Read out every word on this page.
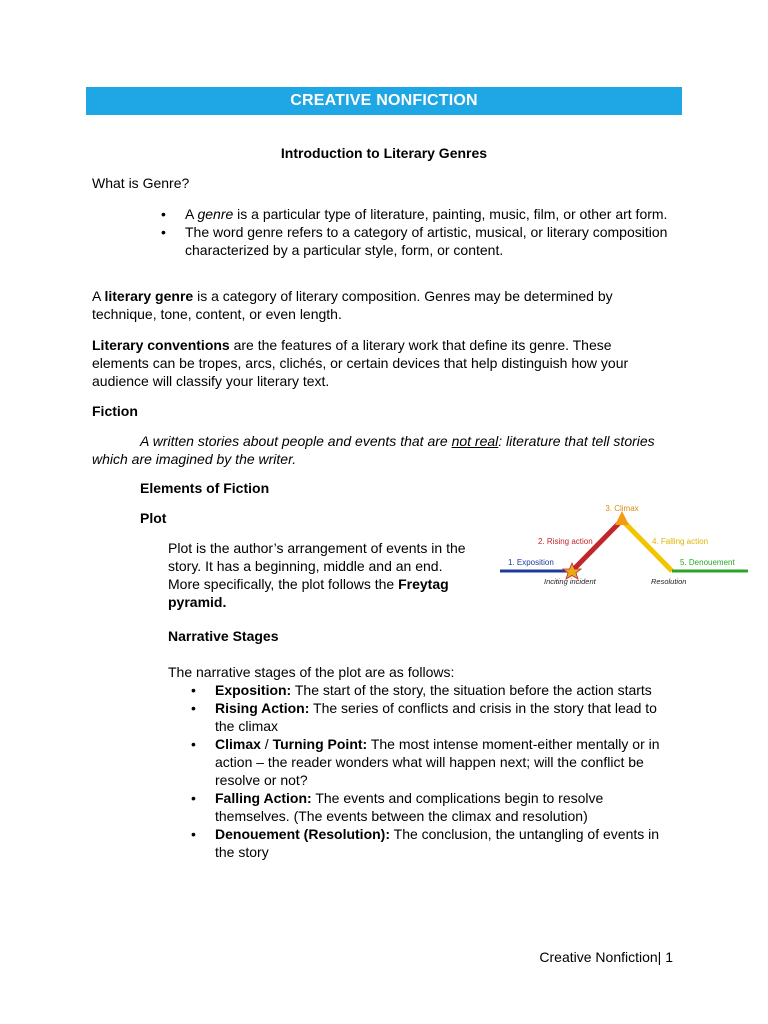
CREATIVE NONFICTION
Introduction to Literary Genres
What is Genre?
• A genre is a particular type of literature, painting, music, film, or other art form.
• The word genre refers to a category of artistic, musical, or literary composition characterized by a particular style, form, or content.
A literary genre is a category of literary composition. Genres may be determined by technique, tone, content, or even length.
Literary conventions are the features of a literary work that define its genre. These elements can be tropes, arcs, clichés, or certain devices that help distinguish how your audience will classify your literary text.
Fiction
A written stories about people and events that are not real: literature that tell stories which are imagined by the writer.
Elements of Fiction
Plot
Plot is the author’s arrangement of events in the story. It has a beginning, middle and an end. More specifically, the plot follows the Freytag pyramid.
3. Climax
2. Rising action	4. Falling action
1. Exposition	5. Denouement
Inciting incident	Resolution
Narrative Stages
The narrative stages of the plot are as follows:
• Exposition: The start of the story, the situation before the action starts
• Rising Action: The series of conflicts and crisis in the story that lead to the climax
• Climax / Turning Point: The most intense moment-either mentally or in action – the reader wonders what will happen next; will the conflict be resolve or not?
• Falling Action: The events and complications begin to resolve themselves. (The events between the climax and resolution)
• Denouement (Resolution): The conclusion, the untangling of events in the story
Creative Nonfiction| 1
